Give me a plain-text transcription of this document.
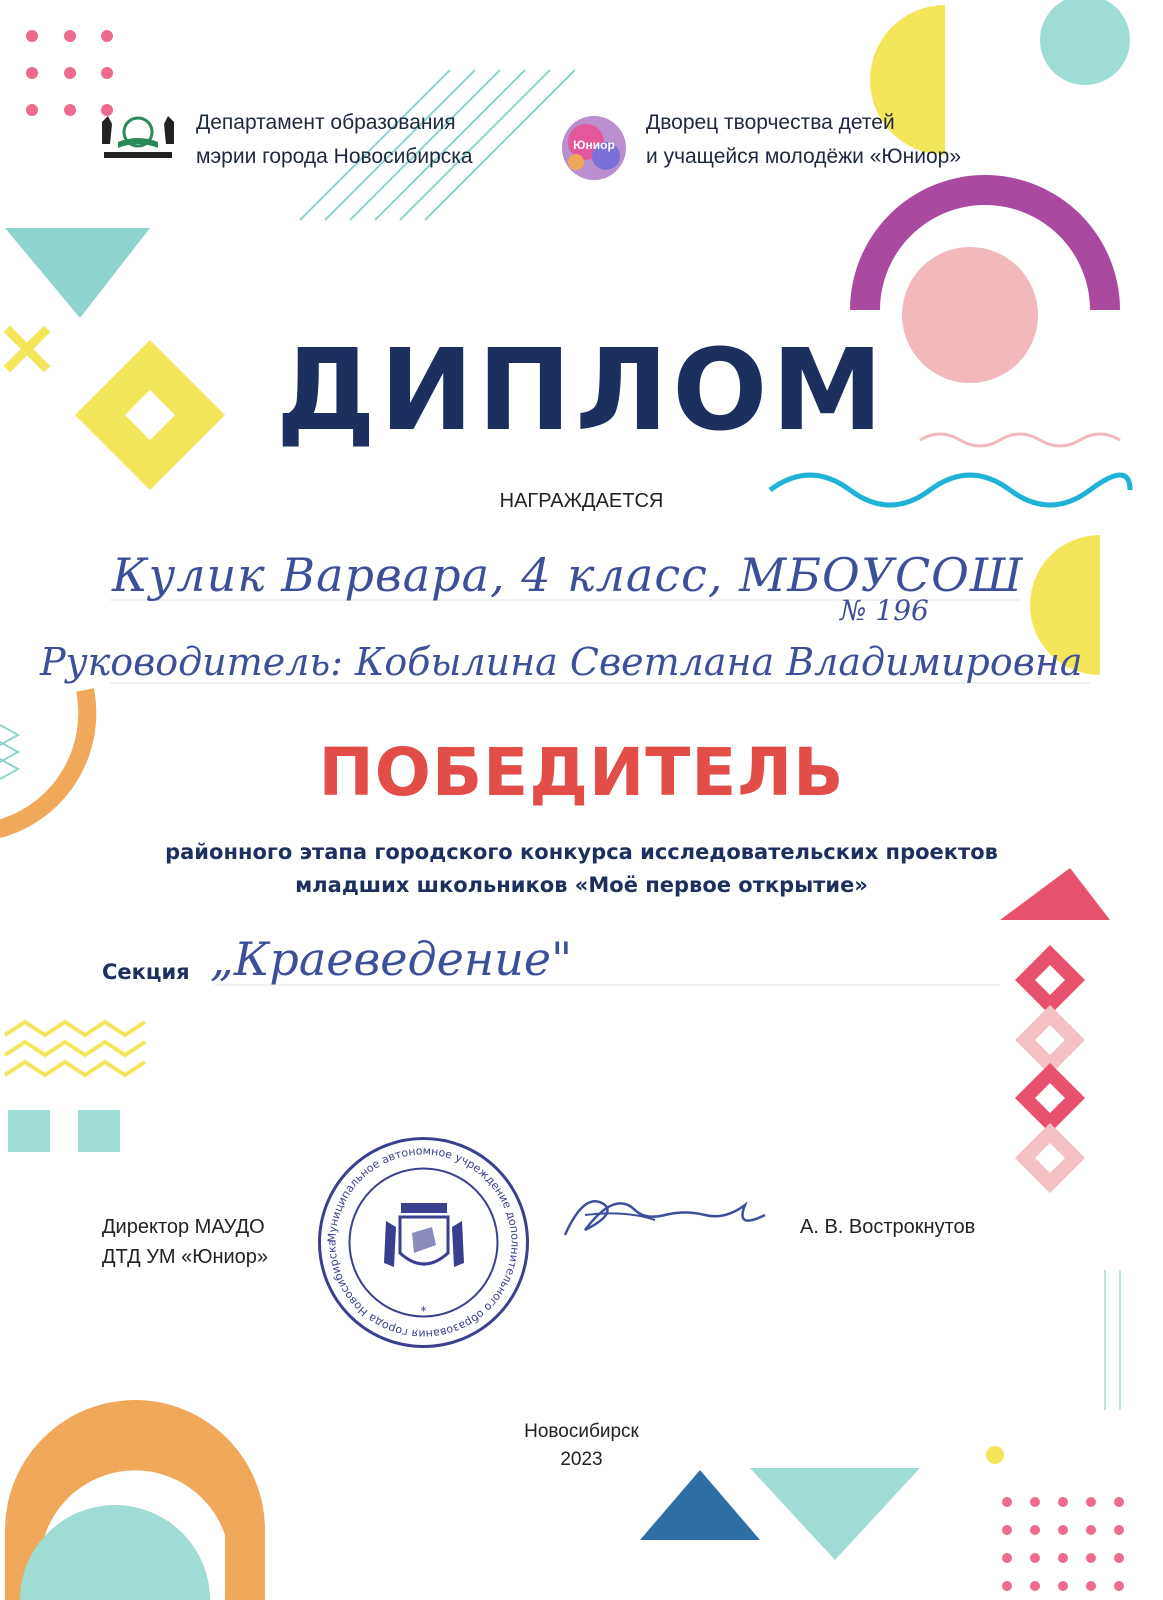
Департамент образования
мэрии города Новосибирска	Юниор
Дворец творчества детей
и учащейся молодёжи «Юниор»
ДИПЛОМ
НАГРАЖДАЕТСЯ
Кулик Варвара, 4 класс, МБОУСОШ
№ 196
Руководитель: Кобылина Светлана Владимировна
ПОБЕДИТЕЛЬ
районного этапа городского конкурса исследовательских проектов
младших школьников «Моё первое открытие»
Секция „Краеведение"
Директор МАУДО
ДТД УМ «Юниор»
Муниципальное автономное учреждение дополнительного образования города Новосибирска
*
А. В. Вострокнутов
Новосибирск
2023
